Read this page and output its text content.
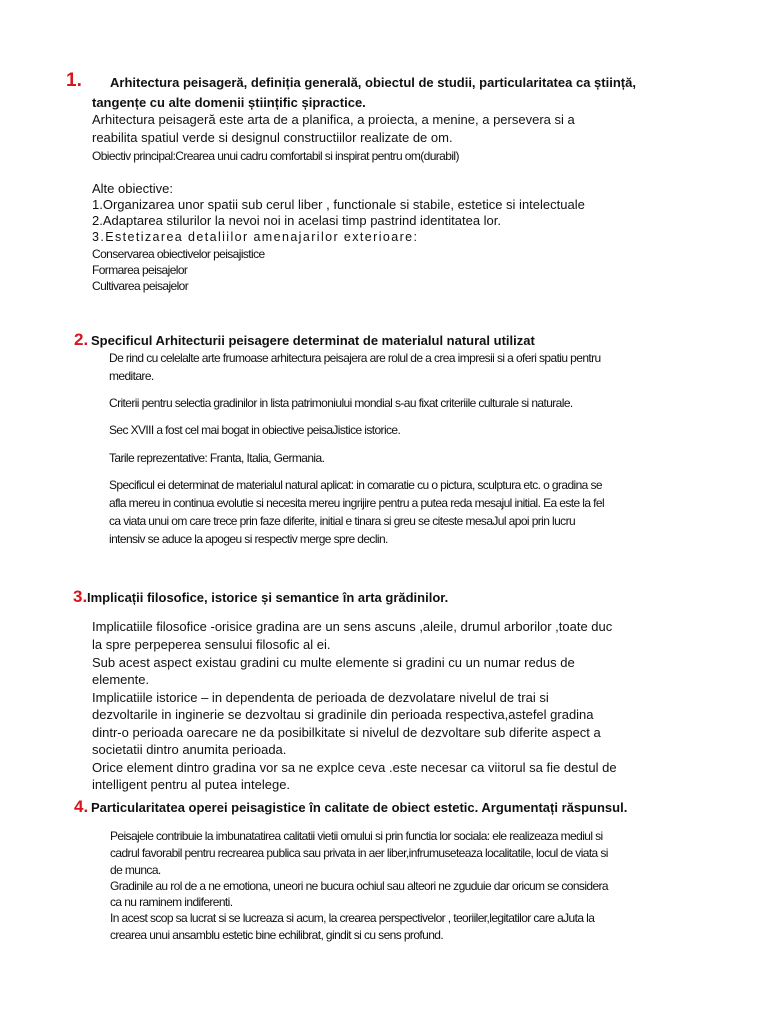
1. Arhitectura peisageră, definiția generală, obiectul de studii, particularitatea ca știință,
tangențe cu alte domenii științific șipractice.
Arhitectura peisageră este arta de a planifica, a proiecta, a menine, a persevera si a
reabilita spatiul verde si designul constructiilor realizate de om.
Obiectiv principal:Crearea unui cadru comfortabil si inspirat pentru om(durabil)
Alte obiective:
1.Organizarea unor spatii sub cerul liber , functionale si stabile, estetice si intelectuale
2.Adaptarea stilurilor la nevoi noi in acelasi timp pastrind identitatea lor.
3.Estetizarea detaliilor amenajarilor exterioare:
Conservarea obiectivelor peisajistice
Formarea peisajelor
Cultivarea peisajelor
2. Specificul Arhitecturii peisagere determinat de materialul natural utilizat
De rind cu celelalte arte frumoase arhitectura peisajera are rolul de a crea impresii si a oferi spatiu pentru
meditare.
Criterii pentru selectia gradinilor in lista patrimoniului mondial s-au fixat criteriile culturale si naturale.
Sec XVIII a fost cel mai bogat in obiective peisaJistice istorice.
Tarile reprezentative: Franta, Italia, Germania.
Specificul ei determinat de materialul natural aplicat: in comaratie cu o pictura, sculptura etc. o gradina se
afla mereu in continua evolutie si necesita mereu ingrijire pentru a putea reda mesajul initial. Ea este la fel
ca viata unui om care trece prin faze diferite, initial e tinara si greu se citeste mesaJul apoi prin lucru
intensiv se aduce la apogeu si respectiv merge spre declin.
3. Implicații filosofice, istorice și semantice în arta grădinilor.
Implicatiile filosofice -orisice gradina are un sens ascuns ,aleile, drumul arborilor ,toate duc
la spre perpeperea sensului filosofic al ei.
Sub acest aspect existau gradini cu multe elemente si gradini cu un numar redus de
elemente.
Implicatiile istorice – in dependenta de perioada de dezvolatare nivelul de trai si
dezvoltarile in inginerie se dezvoltau si gradinile din perioada respectiva,astefel gradina
dintr-o perioada oarecare ne da posibilkitate si nivelul de dezvoltare sub diferite aspect a
societatii dintro anumita perioada.
Orice element dintro gradina vor sa ne explce ceva .este necesar ca viitorul sa fie destul de
intelligent pentru al putea intelege.
4. Particularitatea operei peisagistice în calitate de obiect estetic. Argumentați răspunsul.
Peisajele contribuie la imbunatatirea calitatii vietii omului si prin functia lor sociala: ele realizeaza mediul si
cadrul favorabil pentru recrearea publica sau privata in aer liber,infrumuseteaza localitatile, locul de viata si
de munca.
Gradinile au rol de a ne emotiona, uneori ne bucura ochiul sau alteori ne zguduie dar oricum se considera
ca nu raminem indiferenti.
In acest scop sa lucrat si se lucreaza si acum, la crearea perspectivelor , teoriiler,legitatilor care aJuta la
crearea unui ansamblu estetic bine echilibrat, gindit si cu sens profund.
